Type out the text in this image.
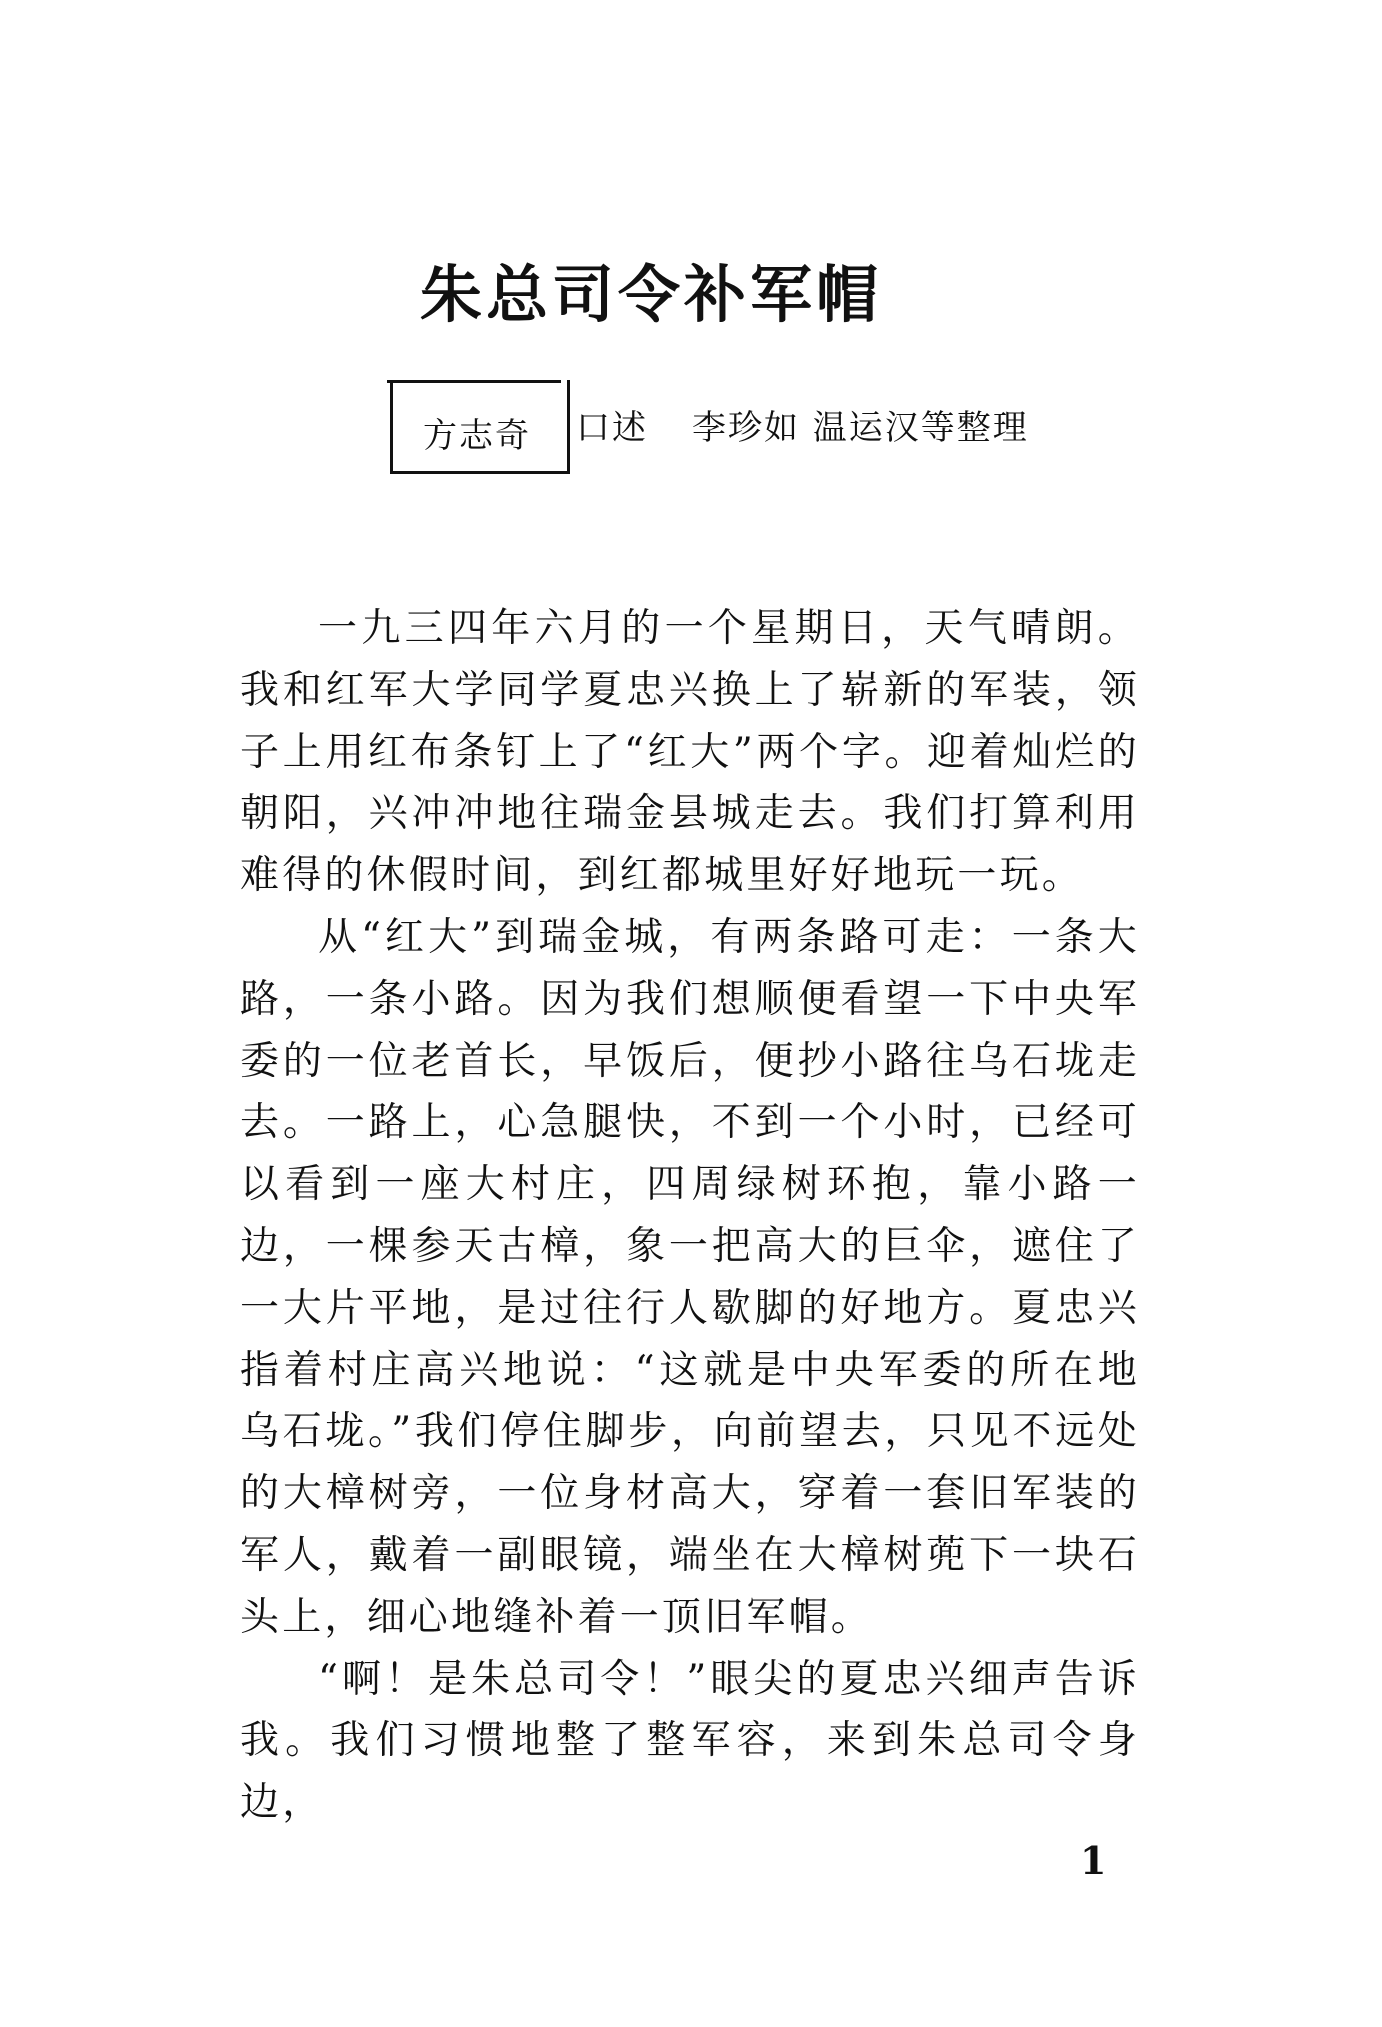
朱总司令补军帽
方志奇 口述 李珍如 温运汉等整理

一九三四年六月的一个星期日，天气晴朗。我和红军大学同学夏忠兴换上了崭新的军装，领子上用红布条钉上了“红大”两个字。迎着灿烂的朝阳，兴冲冲地往瑞金县城走去。我们打算利用难得的休假时间，到红都城里好好地玩一玩。

从“红大”到瑞金城，有两条路可走：一条大路，一条小路。因为我们想顺便看望一下中央军委的一位老首长，早饭后，便抄小路往乌石垅走去。一路上，心急腿快，不到一个小时，已经可以看到一座大村庄，四周绿树环抱，靠小路一边，一棵参天古樟，象一把高大的巨伞，遮住了一大片平地，是过往行人歇脚的好地方。夏忠兴指着村庄高兴地说：“这就是中央军委的所在地乌石垅。”我们停住脚步，向前望去，只见不远处的大樟树旁，一位身材高大，穿着一套旧军装的军人，戴着一副眼镜，端坐在大樟树蔸下一块石头上，细心地缝补着一顶旧军帽。

“啊！是朱总司令！”眼尖的夏忠兴细声告诉我。我们习惯地整了整军容，来到朱总司令身边，

1
